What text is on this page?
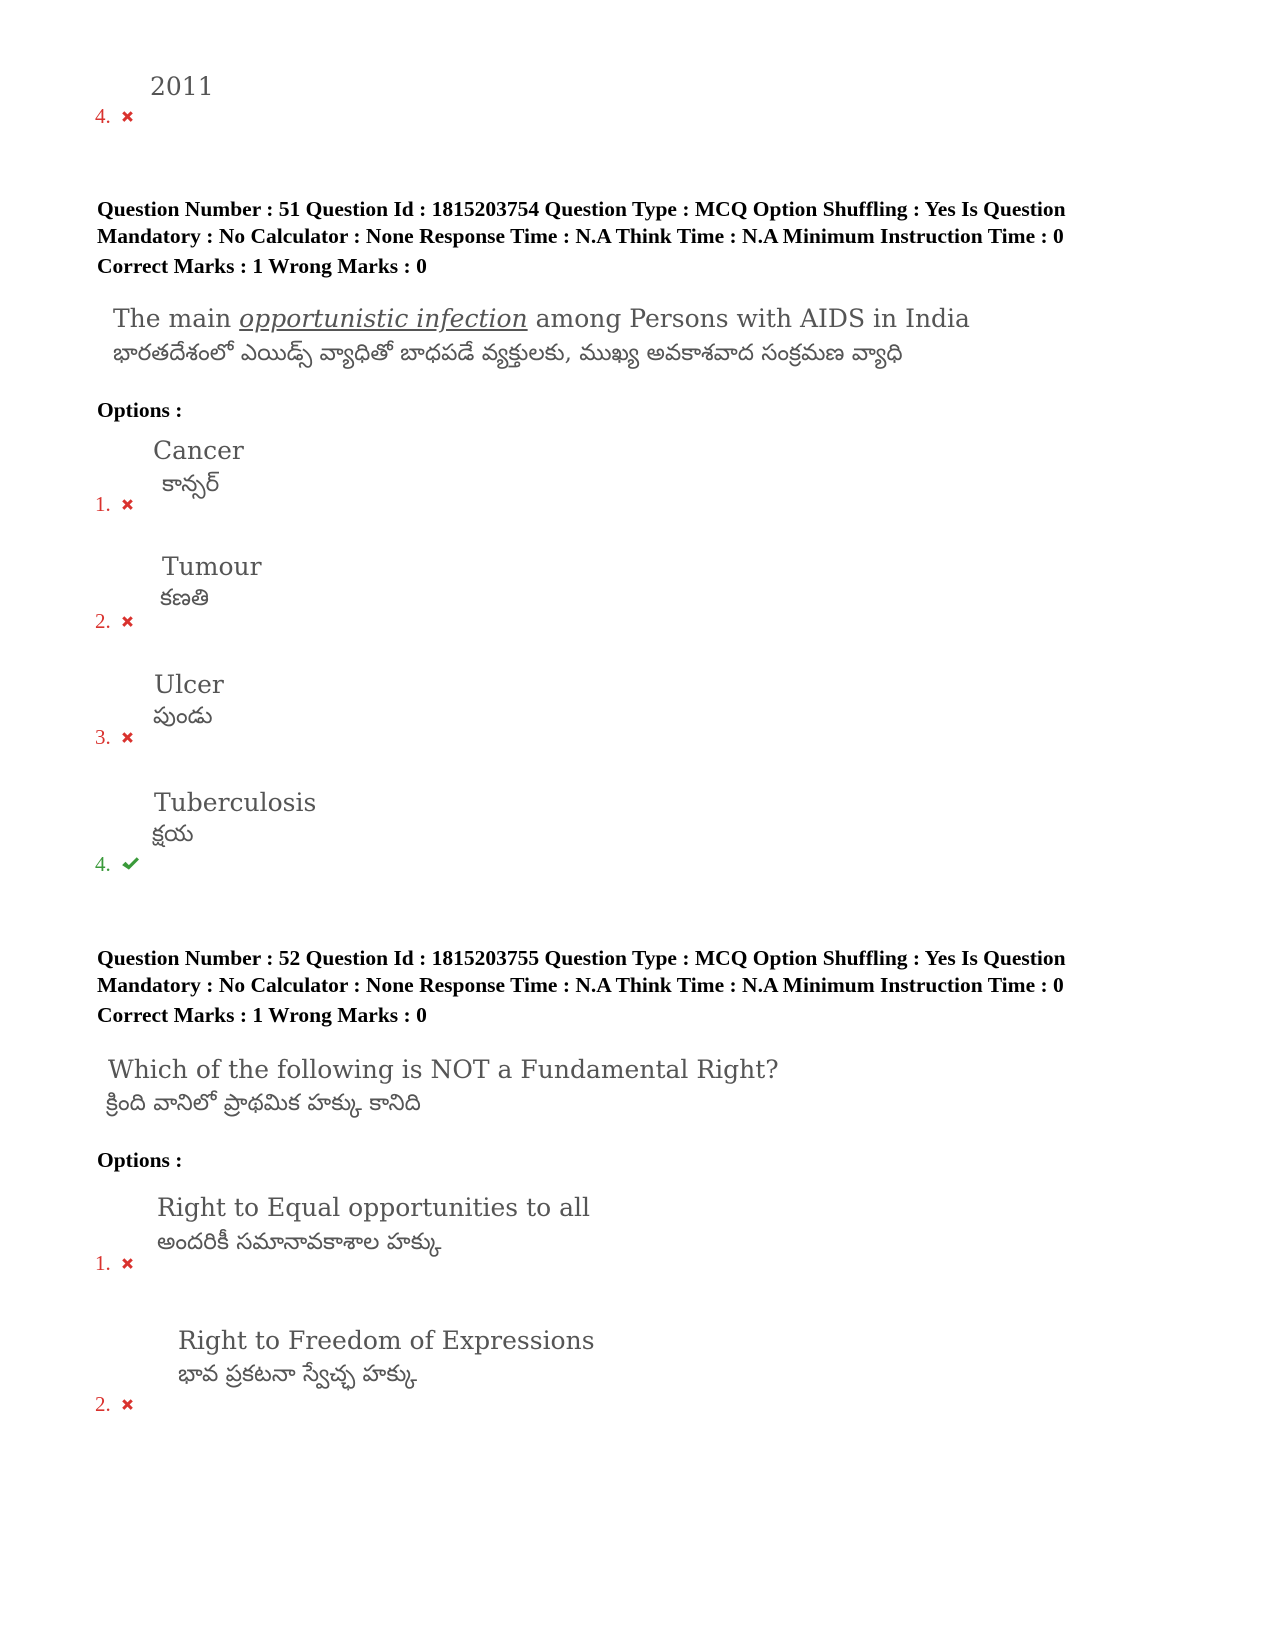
2011
4.
Question Number : 51 Question Id : 1815203754 Question Type : MCQ Option Shuffling : Yes Is Question
Mandatory : No Calculator : None Response Time : N.A Think Time : N.A Minimum Instruction Time : 0
Correct Marks : 1 Wrong Marks : 0
The main opportunistic infection among Persons with AIDS in India
భారతదేశంలో ఎయిడ్స్ వ్యాధితో బాధపడే వ్యక్తులకు, ముఖ్య అవకాశవాద సంక్రమణ వ్యాధి
Options :
Cancer
కాన్సర్
1.
Tumour
కణతి
2.
Ulcer
పుండు
3.
Tuberculosis
క్షయ
4.
Question Number : 52 Question Id : 1815203755 Question Type : MCQ Option Shuffling : Yes Is Question
Mandatory : No Calculator : None Response Time : N.A Think Time : N.A Minimum Instruction Time : 0
Correct Marks : 1 Wrong Marks : 0
Which of the following is NOT a Fundamental Right?
క్రింది వానిలో ప్రాథమిక హక్కు కానిది
Options :
Right to Equal opportunities to all
అందరికీ సమానావకాశాల హక్కు
1.
Right to Freedom of Expressions
భావ ప్రకటనా స్వేచ్ఛ హక్కు
2.
